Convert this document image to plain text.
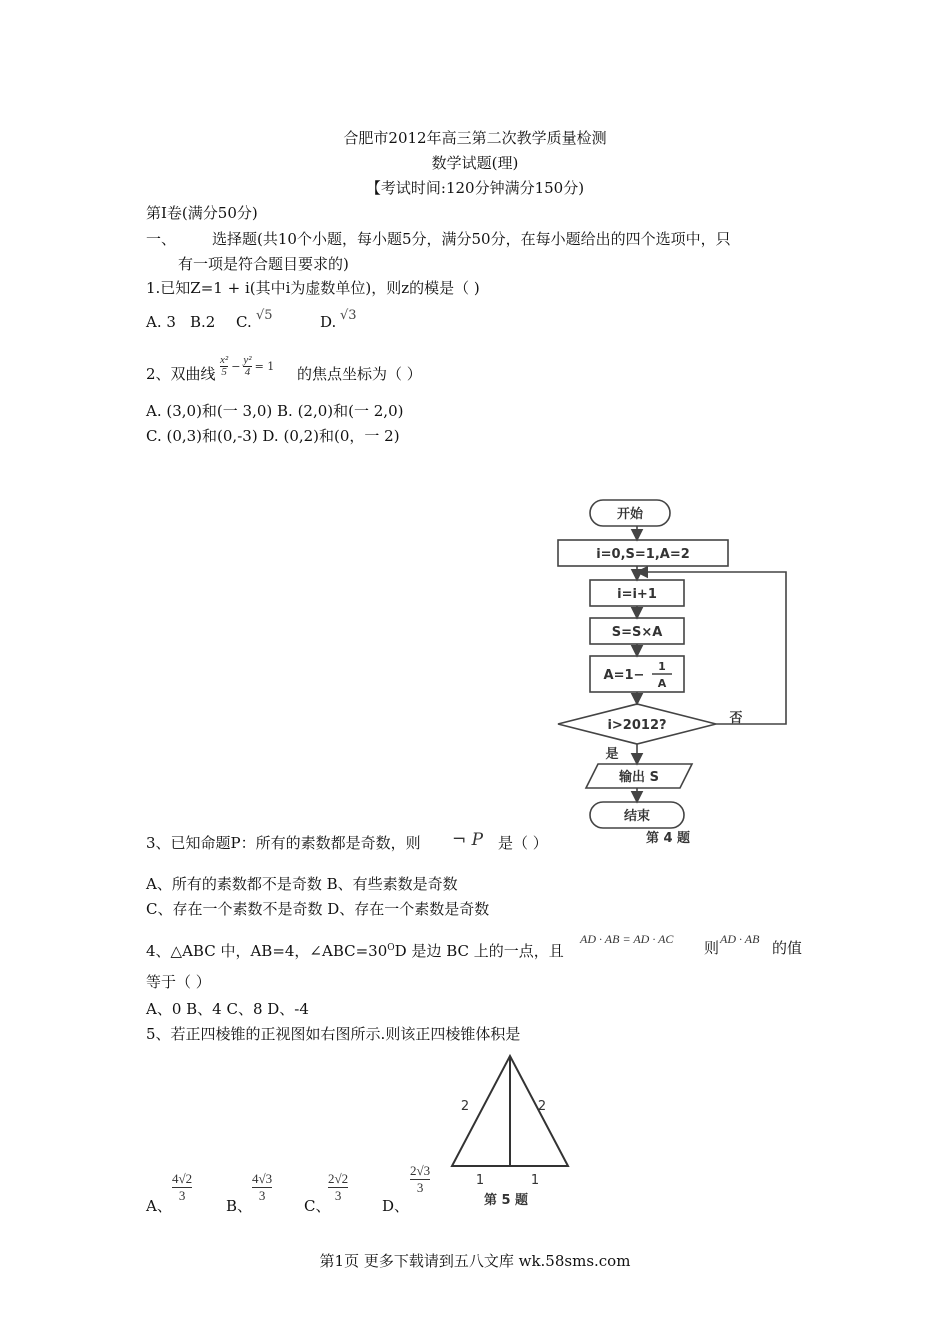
合肥市2012年高三第二次教学质量检测
数学试题(理)
【考试时间:120分钟满分150分)
第I卷(满分50分)
一、 选择题(共10个小题，每小题5分，满分50分，在每小题给出的四个选项中，只
有一项是符合题目要求的)
1.已知Z=1 + i(其中i为虚数单位)，则z的模是（ )
A. 3 B.2 C. √5	D. √3
2、双曲线
x²
5 − y²
4 = 1 的焦点坐标为（ ）
A. (3,0)和(一 3,0) B. (2,0)和(一 2,0)
C. (0,3)和(0,-3) D. (0,2)和(0，一 2)
开始
i=0,S=1,A=2
i=i+1
S=S×A
A=1−
1
A
i>2012?	否
是
输出 S
结束
第 4 题
3、已知命题P：所有的素数都是奇数，则 ¬ P 是（ ）
A、所有的素数都不是奇数 B、有些素数是奇数
C、存在一个素数不是奇数 D、存在一个素数是奇数
4、△ABC 中，AB=4，$\angle ABC=30^OD$ 是边 BC 上的一点，且
AD · AB = AD · AC 则 AD · AB 的值
等于（ ）
A、0 B、4 C、8 D、-4
5、若正四棱锥的正视图如右图所示.则该正四棱锥体积是
2	2
1	1
第 5 题
A、
4√2
3
B、
4√3
3
C、
2√2
3
D、
2√3
3
第1页 更多下载请到五八文库 wk.58sms.com
